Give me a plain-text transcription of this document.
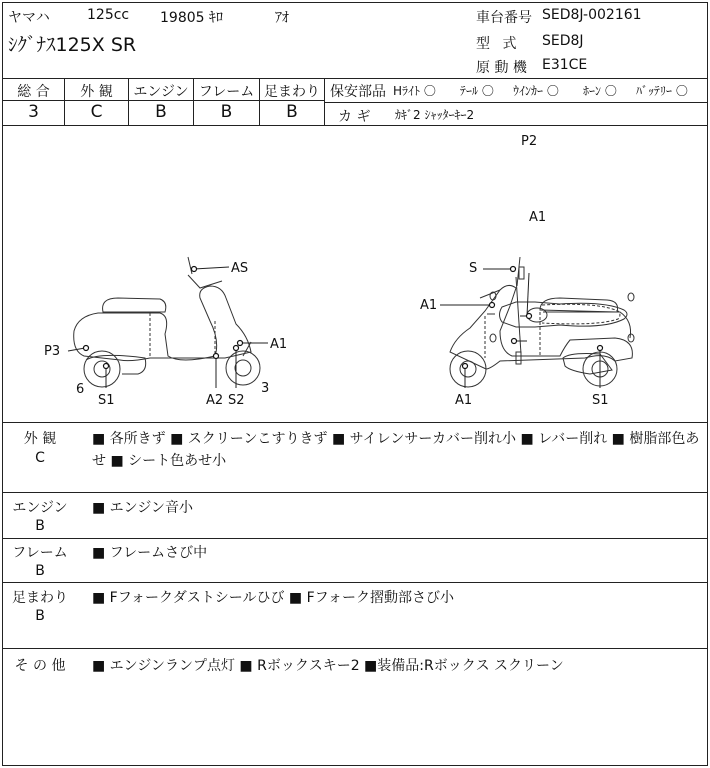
ヤマハ	125cc 19805 ｷﾛ	ｱｵ
ｼｸﾞﾅｽ125X SR
車台番号 SED8J-002161
型 式 SED8J
原 動 機 E31CE
総 合	外 観	エンジン フレーム 足まわり
3	C	B	B	B
保安部品 Hﾗｲﾄ 〇 ﾃｰﾙ 〇 ｳｲﾝｶｰ 〇 ﾎｰﾝ 〇 ﾊﾞｯﾃﾘｰ 〇
カ ギ ｶｷﾞ2 ｼｬｯﾀｰｷｰ2
P2
A1
AS
A1
P3
6
S1	A2 S2
3
S
A1
A1	S1
外 観
C
■ 各所きず ■ スクリーンこすりきず ■ サイレンサーカバー削れ小 ■ レバー削れ ■ 樹脂部色あせ ■ シート色あせ小
エンジン
B
■ エンジン音小
フレーム
B
■ フレームさび中
足まわり
B
■ Fフォークダストシールひび ■ Fフォーク摺動部さび小
そ の 他	■ エンジンランプ点灯 ■ Rボックスキー2 ■装備品:Rボックス スクリーン
